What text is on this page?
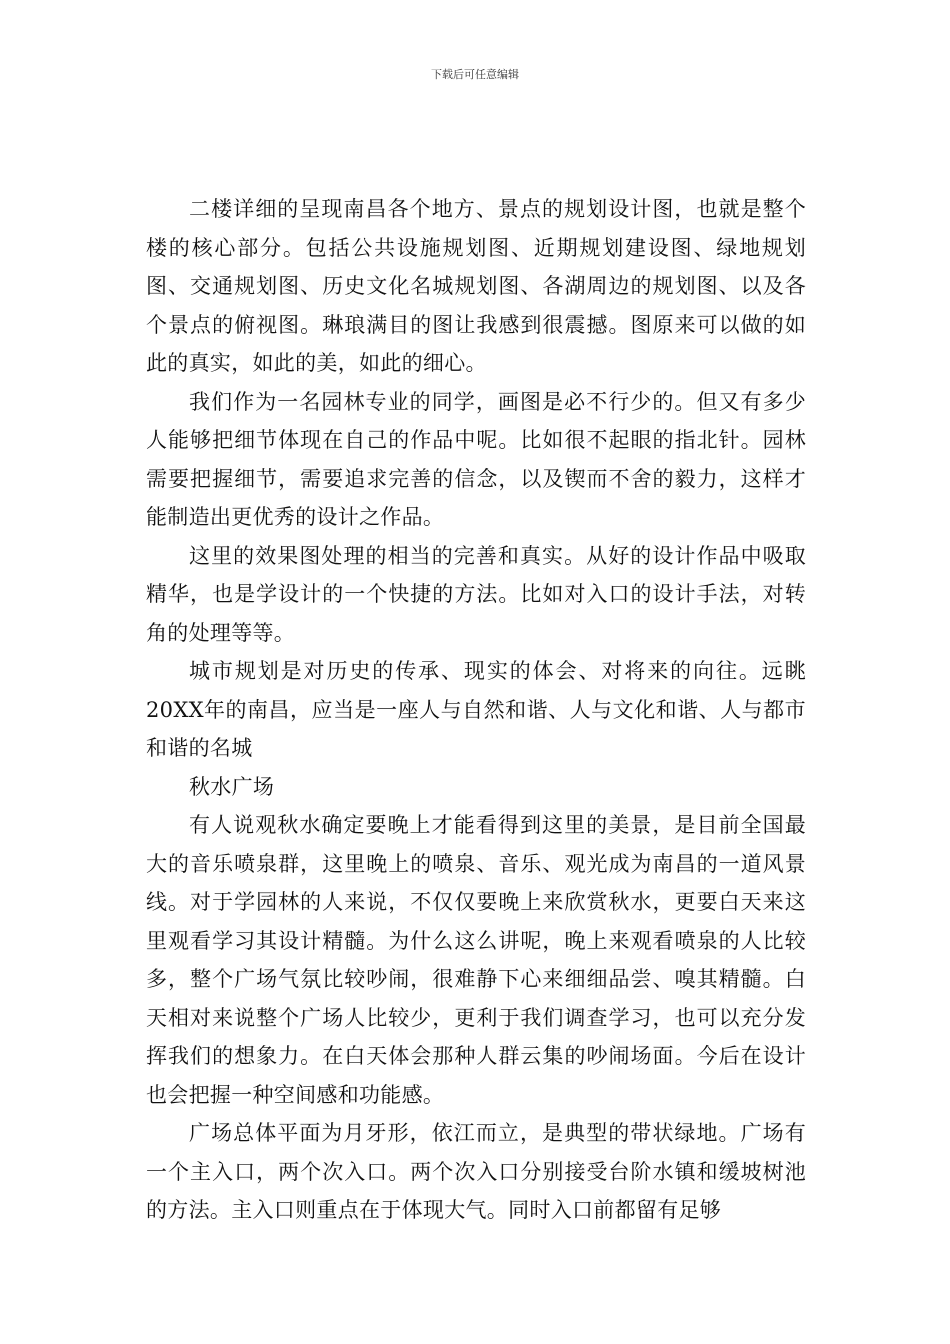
下载后可任意编辑

二楼详细的呈现南昌各个地方、景点的规划设计图，也就是整个楼的核心部分。包括公共设施规划图、近期规划建设图、绿地规划图、交通规划图、历史文化名城规划图、各湖周边的规划图、以及各个景点的俯视图。琳琅满目的图让我感到很震撼。图原来可以做的如此的真实，如此的美，如此的细心。

我们作为一名园林专业的同学，画图是必不行少的。但又有多少人能够把细节体现在自己的作品中呢。比如很不起眼的指北针。园林需要把握细节，需要追求完善的信念，以及锲而不舍的毅力，这样才能制造出更优秀的设计之作品。

这里的效果图处理的相当的完善和真实。从好的设计作品中吸取精华，也是学设计的一个快捷的方法。比如对入口的设计手法，对转角的处理等等。

城市规划是对历史的传承、现实的体会、对将来的向往。远眺20XX年的南昌，应当是一座人与自然和谐、人与文化和谐、人与都市和谐的名城

秋水广场

有人说观秋水确定要晚上才能看得到这里的美景，是目前全国最大的音乐喷泉群，这里晚上的喷泉、音乐、观光成为南昌的一道风景线。对于学园林的人来说，不仅仅要晚上来欣赏秋水，更要白天来这里观看学习其设计精髓。为什么这么讲呢，晚上来观看喷泉的人比较多，整个广场气氛比较吵闹，很难静下心来细细品尝、嗅其精髓。白天相对来说整个广场人比较少，更利于我们调查学习，也可以充分发挥我们的想象力。在白天体会那种人群云集的吵闹场面。今后在设计也会把握一种空间感和功能感。

广场总体平面为月牙形，依江而立，是典型的带状绿地。广场有一个主入口，两个次入口。两个次入口分别接受台阶水镇和缓坡树池的方法。主入口则重点在于体现大气。同时入口前都留有足够
